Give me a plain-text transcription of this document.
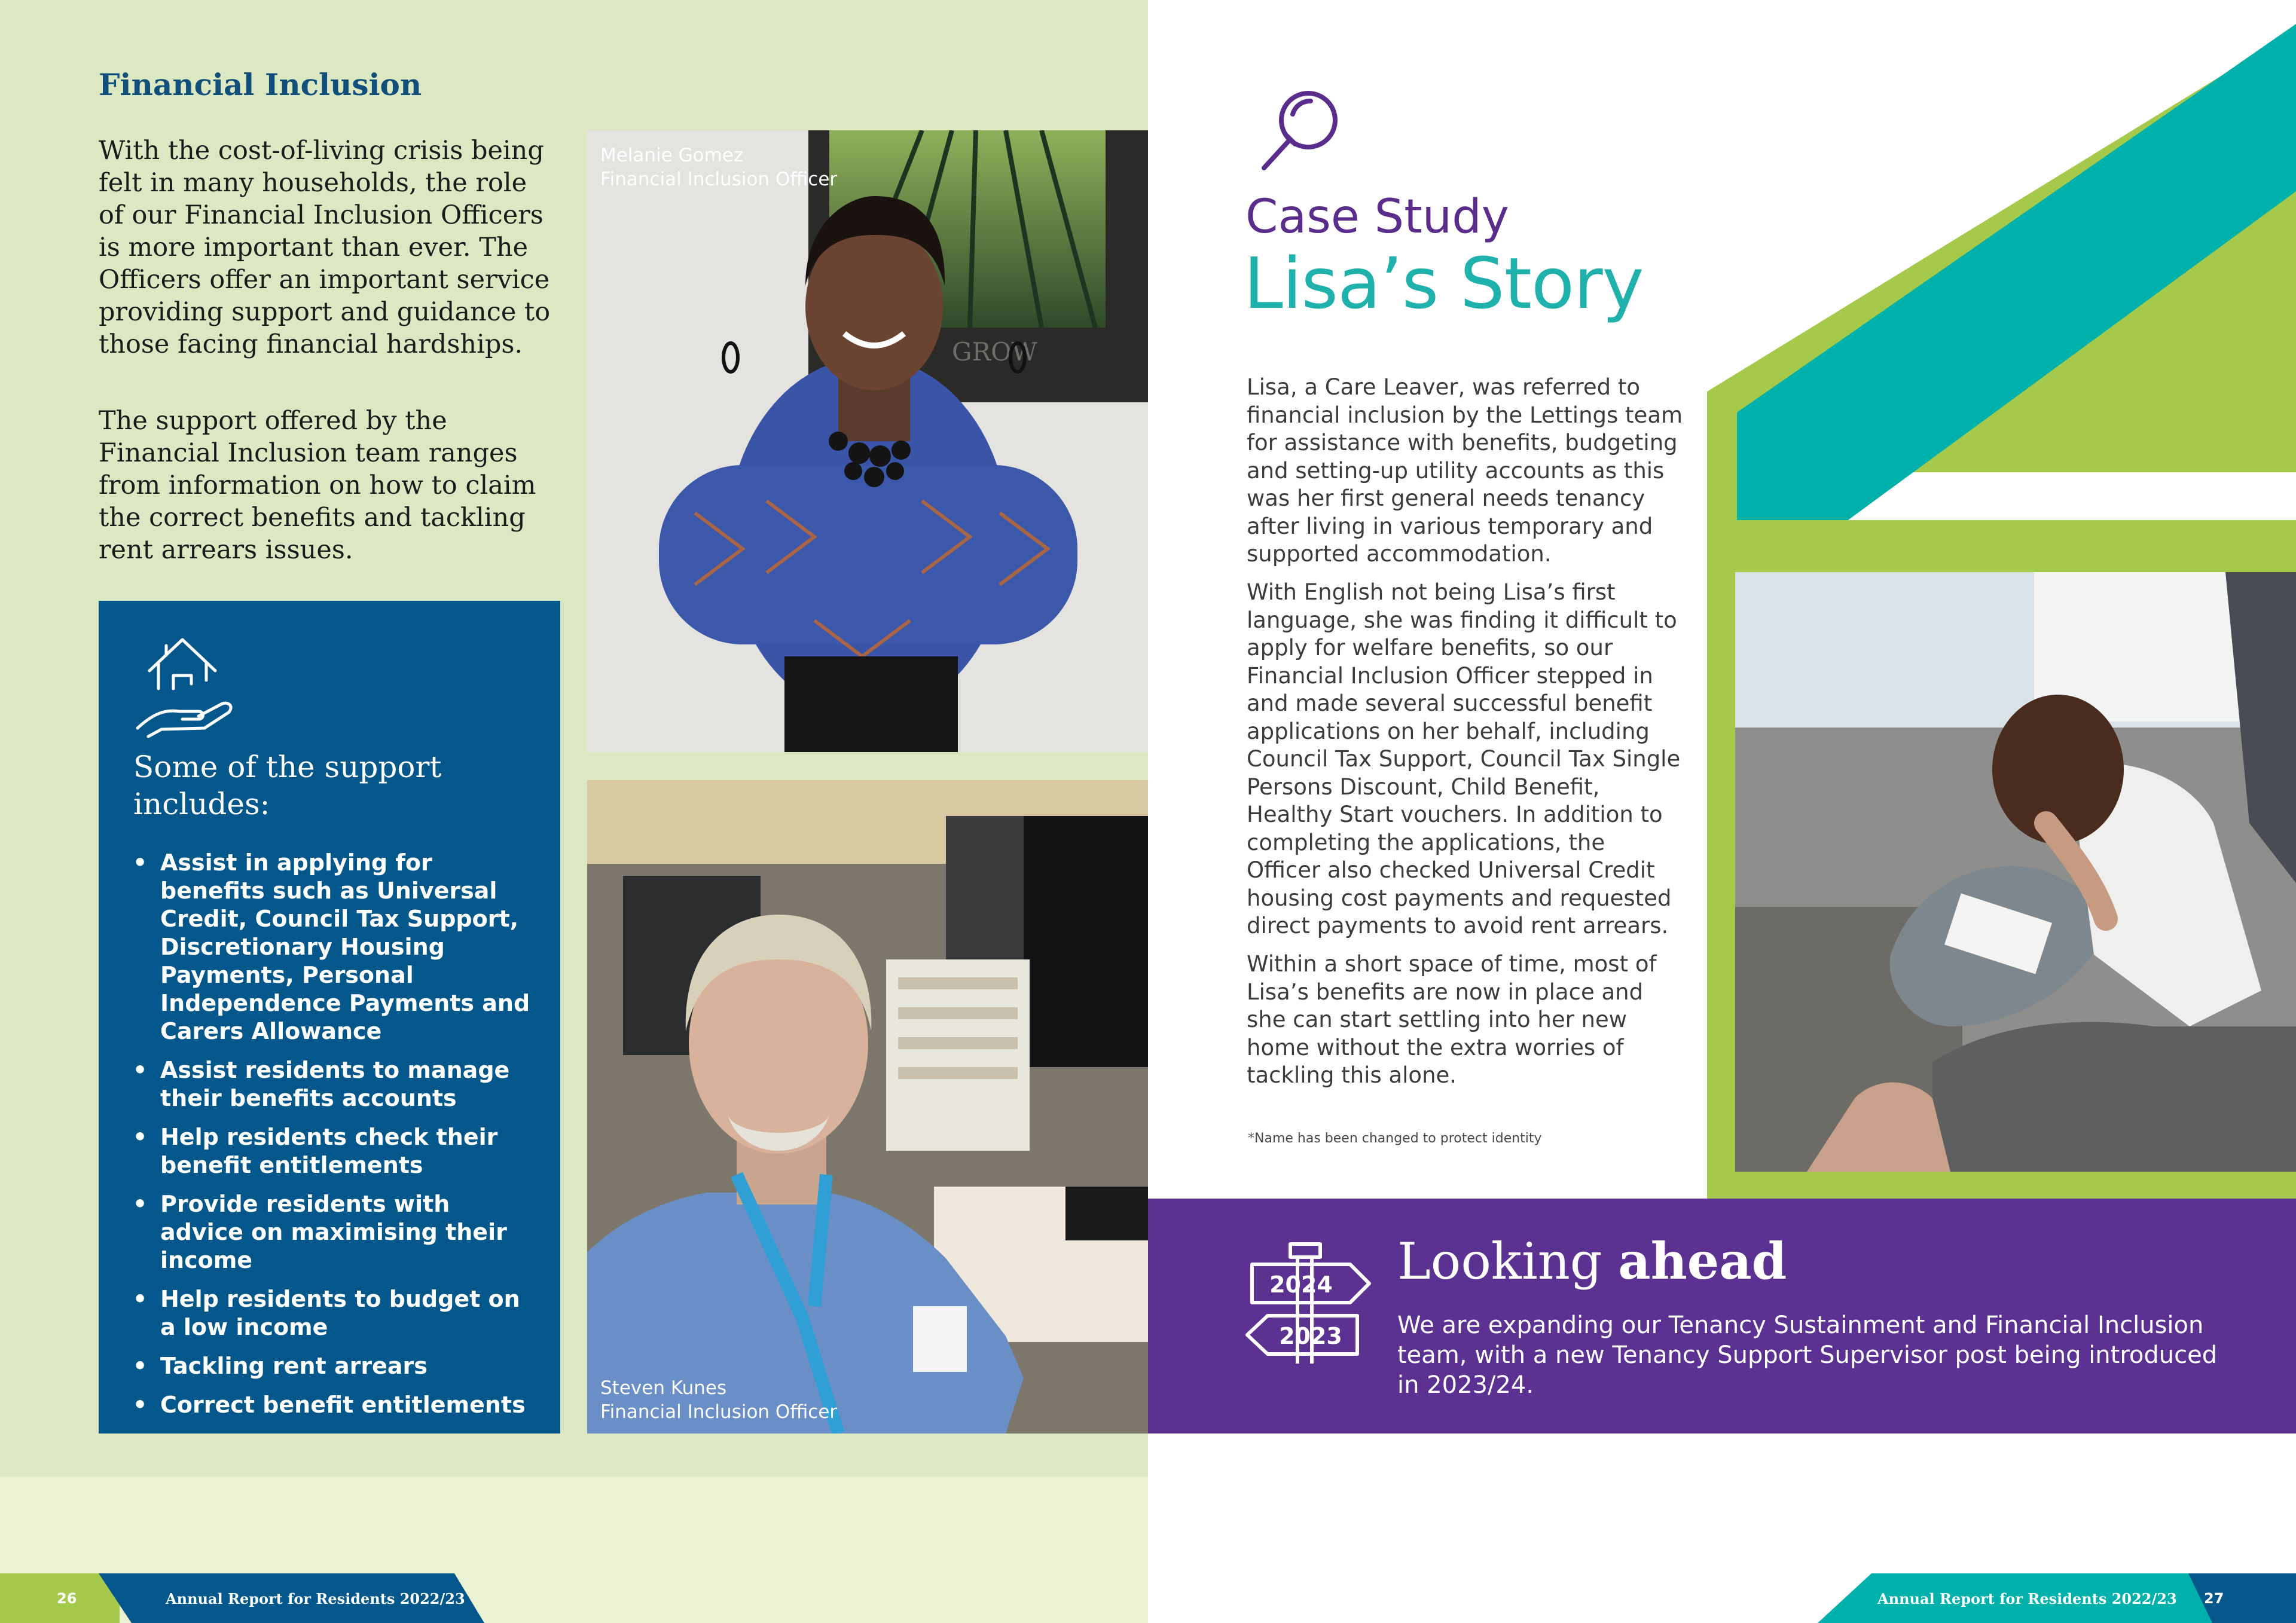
Financial Inclusion

With the cost-of-living crisis being felt in many households, the role of our Financial Inclusion Officers is more important than ever. The Officers offer an important service providing support and guidance to those facing financial hardships.

The support offered by the Financial Inclusion team ranges from information on how to claim the correct benefits and tackling rent arrears issues.

Some of the support includes:
• Assist in applying for benefits such as Universal Credit, Council Tax Support, Discretionary Housing Payments, Personal Independence Payments and Carers Allowance
• Assist residents to manage their benefits accounts
• Help residents check their benefit entitlements
• Provide residents with advice on maximising their income
• Help residents to budget on a low income
• Tackling rent arrears
• Correct benefit entitlements
GROW
Melanie Gomez
Financial Inclusion Officer
Steven Kunes
Financial Inclusion Officer
Case Study
Lisa’s Story

Lisa, a Care Leaver, was referred to financial inclusion by the Lettings team for assistance with benefits, budgeting and setting-up utility accounts as this was her first general needs tenancy after living in various temporary and supported accommodation.

With English not being Lisa’s first language, she was finding it difficult to apply for welfare benefits, so our Financial Inclusion Officer stepped in and made several successful benefit applications on her behalf, including Council Tax Support, Council Tax Single Persons Discount, Child Benefit, Healthy Start vouchers. In addition to completing the applications, the Officer also checked Universal Credit housing cost payments and requested direct payments to avoid rent arrears.

Within a short space of time, most of Lisa’s benefits are now in place and she can start settling into her new home without the extra worries of tackling this alone.

*Name has been changed to protect identity
2024
2023
Looking ahead

We are expanding our Tenancy Sustainment and Financial Inclusion team, with a new Tenancy Support Supervisor post being introduced in 2023/24.

26	Annual Report for Residents 2022/23	Annual Report for Residents 2022/23 27
